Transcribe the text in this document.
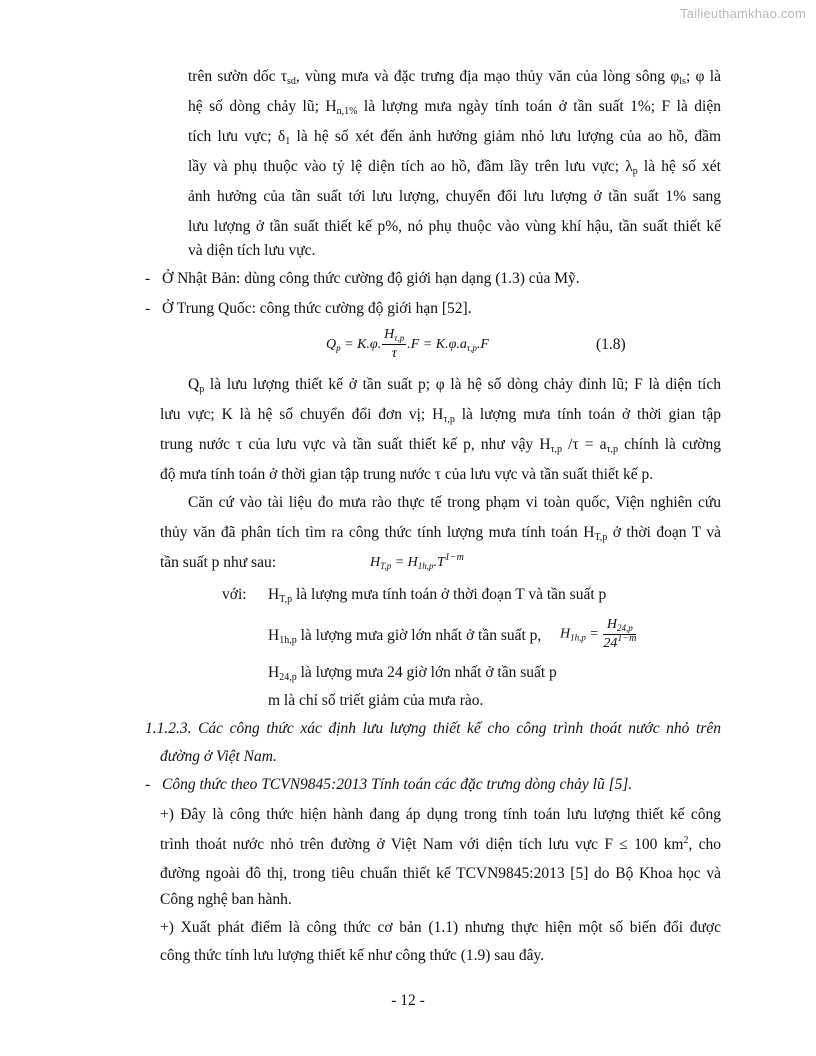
Tailieuthamkhao.com
trên sườn dốc $\tau_{sd}$, vùng mưa và đặc trưng địa mạo thủy văn của lòng sông $\varphi_{ls}$; φ là
hệ số dòng chảy lũ; $H_{n,1\%}$ là lượng mưa ngày tính toán ở tần suất 1%; F là diện
tích lưu vực; $\delta_1$ là hệ số xét đến ảnh hưởng giảm nhỏ lưu lượng của ao hồ, đầm
lầy và phụ thuộc vào tỷ lệ diện tích ao hồ, đầm lầy trên lưu vực; $\lambda_p$ là hệ số xét
ảnh hưởng của tần suất tới lưu lượng, chuyển đổi lưu lượng ở tần suất 1% sang
lưu lượng ở tần suất thiết kế p%, nó phụ thuộc vào vùng khí hậu, tần suất thiết kế
và diện tích lưu vực.
- Ở Nhật Bản: dùng công thức cường độ giới hạn dạng (1.3) của Mỹ.
- Ở Trung Quốc: công thức cường độ giới hạn [52].
$Q_p = K.\varphi$. $\frac{H_{\tau,p}}{\tau} .F = K.\varphi.a_{\tau,p}.F$	(1.8)
$Q_p$ là lưu lượng thiết kế ở tần suất p; φ là hệ số dòng chảy đỉnh lũ; F là diện tích
lưu vực; K là hệ số chuyển đổi đơn vị; $H_{\tau,p}$ là lượng mưa tính toán ở thời gian tập
trung nước τ của lưu vực và tần suất thiết kế p, như vậy $H_{\tau,p}$ $/\tau = a_{\tau,p}$ chính là cường
độ mưa tính toán ở thời gian tập trung nước τ của lưu vực và tần suất thiết kế p.
Căn cứ vào tài liệu đo mưa rào thực tế trong phạm vi toàn quốc, Viện nghiên cứu
thủy văn đã phân tích tìm ra công thức tính lượng mưa tính toán $H_{T,p}$ ở thời đoạn T và
tần suất p như sau:	$H_{T,p} = H_{1h,p}.T^{1-m}$
với: $H_{T,p}$ là lượng mưa tính toán ở thời đoạn T và tần suất p
$H_{1h,p}$ là lượng mưa giờ lớn nhất ở tần suất p, $H_{1h,p} = \frac{H_{24,p}}{24^{1-m}}$
$H_{24,p}$ là lượng mưa 24 giờ lớn nhất ở tần suất p
m là chỉ số triết giảm của mưa rào.
1.1.2.3. Các công thức xác định lưu lượng thiết kế cho công trình thoát nước nhỏ trên
đường ở Việt Nam.
- Công thức theo TCVN9845:2013 Tính toán các đặc trưng dòng chảy lũ [5].
+) Đây là công thức hiện hành đang áp dụng trong tính toán lưu lượng thiết kế công
trình thoát nước nhỏ trên đường ở Việt Nam với diện tích lưu vực F ≤ 100 $km^2$, cho
đường ngoài đô thị, trong tiêu chuẩn thiết kế TCVN9845:2013 [5] do Bộ Khoa học và
Công nghệ ban hành.
+) Xuất phát điểm là công thức cơ bản (1.1) nhưng thực hiện một số biến đổi được
công thức tính lưu lượng thiết kế như công thức (1.9) sau đây.
- 12 -
